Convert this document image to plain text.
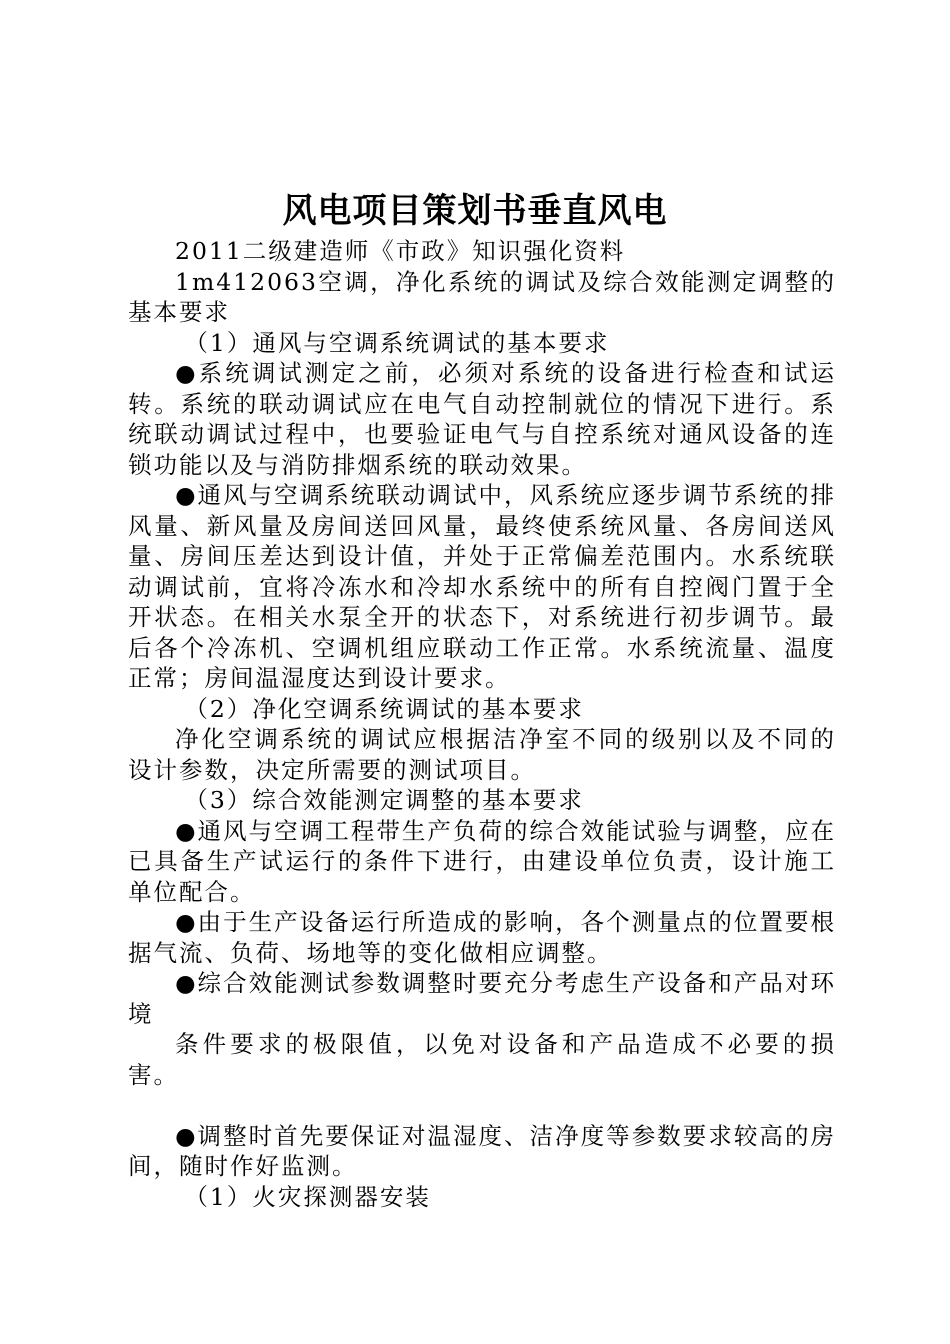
风电项目策划书垂直风电

2011二级建造师《市政》知识强化资料

1m412063空调，净化系统的调试及综合效能测定调整的基本要求

（1）通风与空调系统调试的基本要求

●系统调试测定之前，必须对系统的设备进行检查和试运转。系统的联动调试应在电气自动控制就位的情况下进行。系统联动调试过程中，也要验证电气与自控系统对通风设备的连锁功能以及与消防排烟系统的联动效果。

●通风与空调系统联动调试中，风系统应逐步调节系统的排风量、新风量及房间送回风量，最终使系统风量、各房间送风量、房间压差达到设计值，并处于正常偏差范围内。水系统联动调试前，宜将冷冻水和冷却水系统中的所有自控阀门置于全开状态。在相关水泵全开的状态下，对系统进行初步调节。最后各个冷冻机、空调机组应联动工作正常。水系统流量、温度正常；房间温湿度达到设计要求。

（2）净化空调系统调试的基本要求

净化空调系统的调试应根据洁净室不同的级别以及不同的设计参数，决定所需要的测试项目。

（3）综合效能测定调整的基本要求

●通风与空调工程带生产负荷的综合效能试验与调整，应在已具备生产试运行的条件下进行，由建设单位负责，设计施工单位配合。

●由于生产设备运行所造成的影响，各个测量点的位置要根据气流、负荷、场地等的变化做相应调整。

●综合效能测试参数调整时要充分考虑生产设备和产品对环境

条件要求的极限值，以免对设备和产品造成不必要的损害。

●调整时首先要保证对温湿度、洁净度等参数要求较高的房间，随时作好监测。

（1）火灾探测器安装
